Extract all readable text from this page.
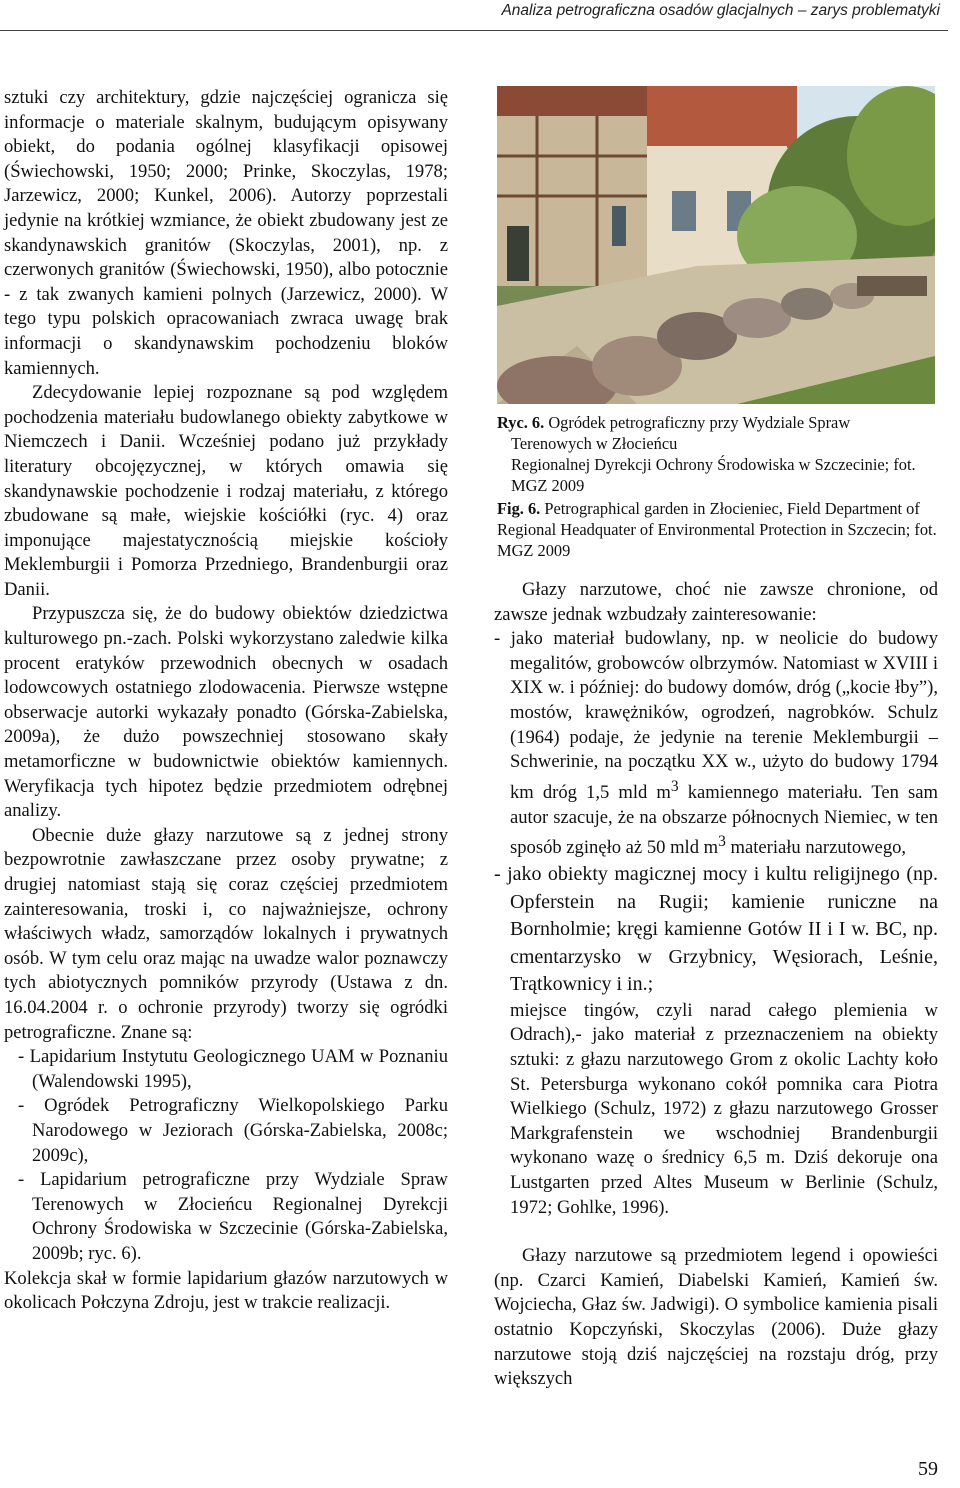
Analiza petrograficzna osadów glacjalnych – zarys problematyki

sztuki czy architektury, gdzie najczęściej ogranicza się informacje o materiale skalnym, budującym opisywany obiekt, do podania ogólnej klasyfikacji opisowej (Świechowski, 1950; 2000; Prinke, Skoczylas, 1978; Jarzewicz, 2000; Kunkel, 2006). Autorzy poprzestali jedynie na krótkiej wzmiance, że obiekt zbudowany jest ze skandynawskich granitów (Skoczylas, 2001), np. z czerwonych granitów (Świechowski, 1950), albo potocznie - z tak zwanych kamieni polnych (Jarzewicz, 2000). W tego typu polskich opracowaniach zwraca uwagę brak informacji o skandynawskim pochodzeniu bloków kamiennych.

Zdecydowanie lepiej rozpoznane są pod względem pochodzenia materiału budowlanego obiekty zabytkowe w Niemczech i Danii. Wcześniej podano już przykłady literatury obcojęzycznej, w których omawia się skandynawskie pochodzenie i rodzaj materiału, z którego zbudowane są małe, wiejskie kościółki (ryc. 4) oraz imponujące majestatycznością miejskie kościoły Meklemburgii i Pomorza Przedniego, Brandenburgii oraz Danii.

Przypuszcza się, że do budowy obiektów dziedzictwa kulturowego pn.-zach. Polski wykorzystano zaledwie kilka procent eratyków przewodnich obecnych w osadach lodowcowych ostatniego zlodowacenia. Pierwsze wstępne obserwacje autorki wykazały ponadto (Górska-Zabielska, 2009a), że dużo powszechniej stosowano skały metamorficzne w budownictwie obiektów kamiennych. Weryfikacja tych hipotez będzie przedmiotem odrębnej analizy.

Obecnie duże głazy narzutowe są z jednej strony bezpowrotnie zawłaszczane przez osoby prywatne; z drugiej natomiast stają się coraz częściej przedmiotem zainteresowania, troski i, co najważniejsze, ochrony właściwych władz, samorządów lokalnych i prywatnych osób. W tym celu oraz mając na uwadze walor poznawczy tych abiotycznych pomników przyrody (Ustawa z dn. 16.04.2004 r. o ochronie przyrody) tworzy się ogródki petrograficzne. Znane są:

- Lapidarium Instytutu Geologicznego UAM w Poznaniu (Walendowski 1995),
- Ogródek Petrograficzny Wielkopolskiego Parku Narodowego w Jeziorach (Górska-Zabielska, 2008c; 2009c),
- Lapidarium petrograficzne przy Wydziale Spraw Terenowych w Złocieńcu Regionalnej Dyrekcji Ochrony Środowiska w Szczecinie (Górska-Zabielska, 2009b; ryc. 6).

Kolekcja skał w formie lapidarium głazów narzutowych w okolicach Połczyna Zdroju, jest w trakcie realizacji.

Ryc. 6. Ogródek petrograficzny przy Wydziale Spraw
Terenowych w Złocieńcu
Regionalnej Dyrekcji Ochrony Środowiska w Szczecinie; fot. MGZ 2009
Fig. 6. Petrographical garden in Złocieniec, Field Department of Regional Headquater of Environmental Protection in Szczecin; fot. MGZ 2009

Głazy narzutowe, choć nie zawsze chronione, od zawsze jednak wzbudzały zainteresowanie:

- jako materiał budowlany, np. w neolicie do budowy megalitów, grobowców olbrzymów. Natomiast w XVIII i XIX w. i później: do budowy domów, dróg („kocie łby”), mostów, krawężników, ogrodzeń, nagrobków. Schulz (1964) podaje, że jedynie na terenie Meklemburgii – Schwerinie, na początku XX w., użyto do budowy 1794 km dróg 1,5 mld $m^3$ kamiennego materiału. Ten sam autor szacuje, że na obszarze północnych Niemiec, w ten sposób zginęło aż 50 mld $m^3$ materiału narzutowego,

- jako obiekty magicznej mocy i kultu religijnego (np. Opferstein na Rugii; kamienie runiczne na Bornholmie; kręgi kamienne Gotów II i I w. BC, np. cmentarzysko w Grzybnicy, Węsiorach, Leśnie, Trątkownicy i in.;

miejsce tingów, czyli narad całego plemienia w Odrach),- jako materiał z przeznaczeniem na obiekty sztuki: z głazu narzutowego Grom z okolic Lachty koło St. Petersburga wykonano cokół pomnika cara Piotra Wielkiego (Schulz, 1972) z głazu narzutowego Grosser Markgrafenstein we wschodniej Brandenburgii wykonano wazę o średnicy 6,5 m. Dziś dekoruje ona Lustgarten przed Altes Museum w Berlinie (Schulz, 1972; Gohlke, 1996).

Głazy narzutowe są przedmiotem legend i opowieści (np. Czarci Kamień, Diabelski Kamień, Kamień św. Wojciecha, Głaz św. Jadwigi). O symbolice kamienia pisali ostatnio Kopczyński, Skoczylas (2006). Duże głazy narzutowe stoją dziś najczęściej na rozstaju dróg, przy większych

59
